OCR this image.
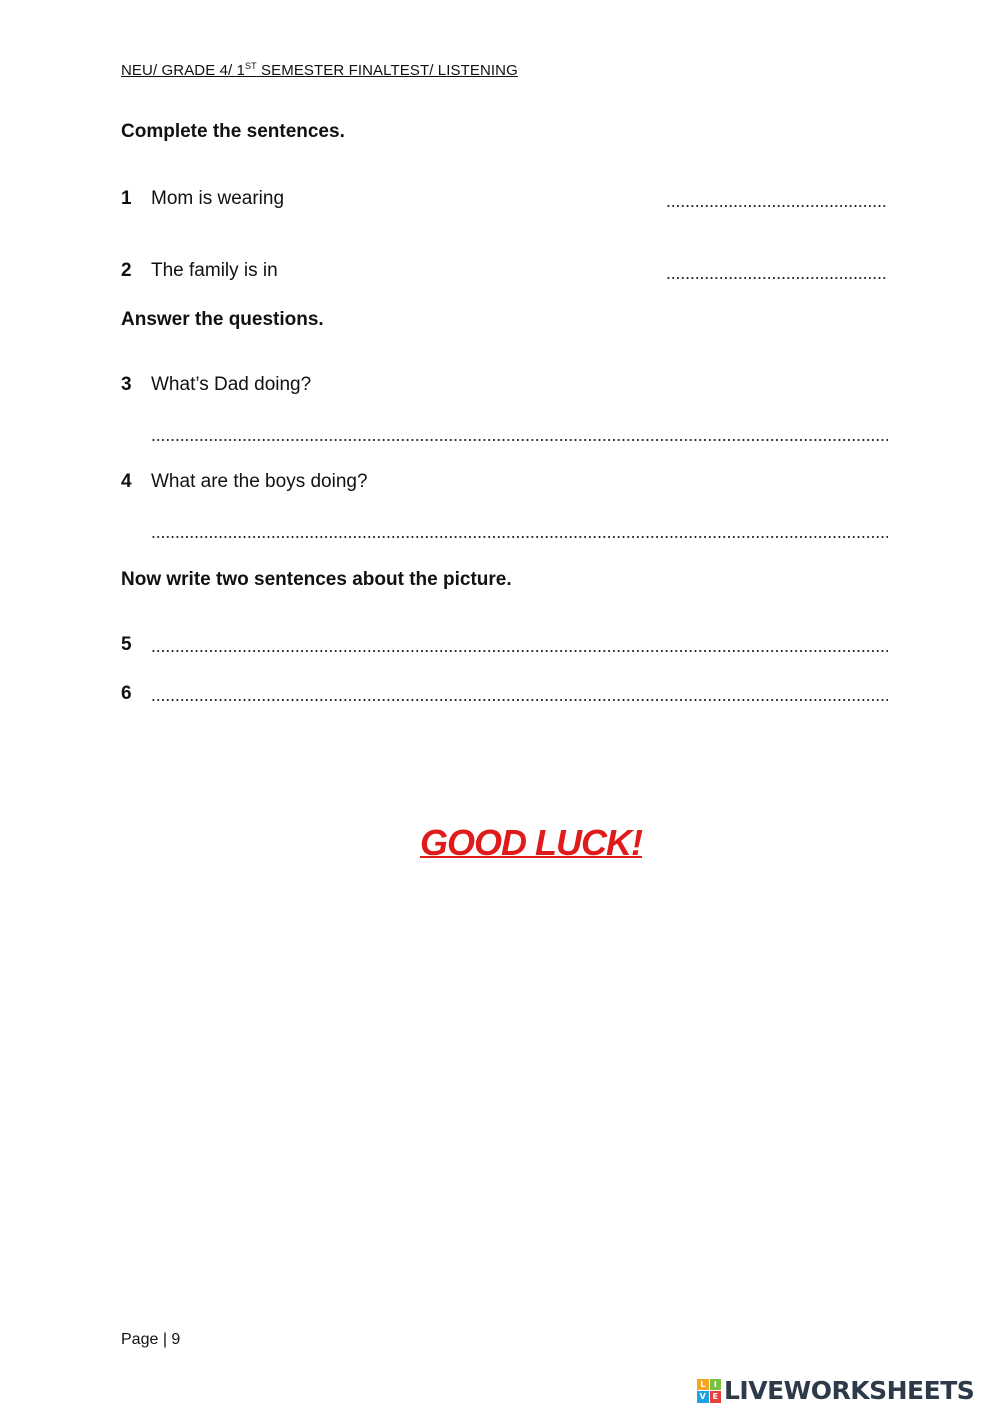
NEU/ GRADE 4/ 1ST SEMESTER FINALTEST/ LISTENING
Complete the sentences.
1 Mom is wearing
2 The family is in
Answer the questions.
3 What’s Dad doing?
4 What are the boys doing?
Now write two sentences about the picture.
5
6
GOOD LUCK!
Page | 9
L	I
V E LIVEWORKSHEETS
